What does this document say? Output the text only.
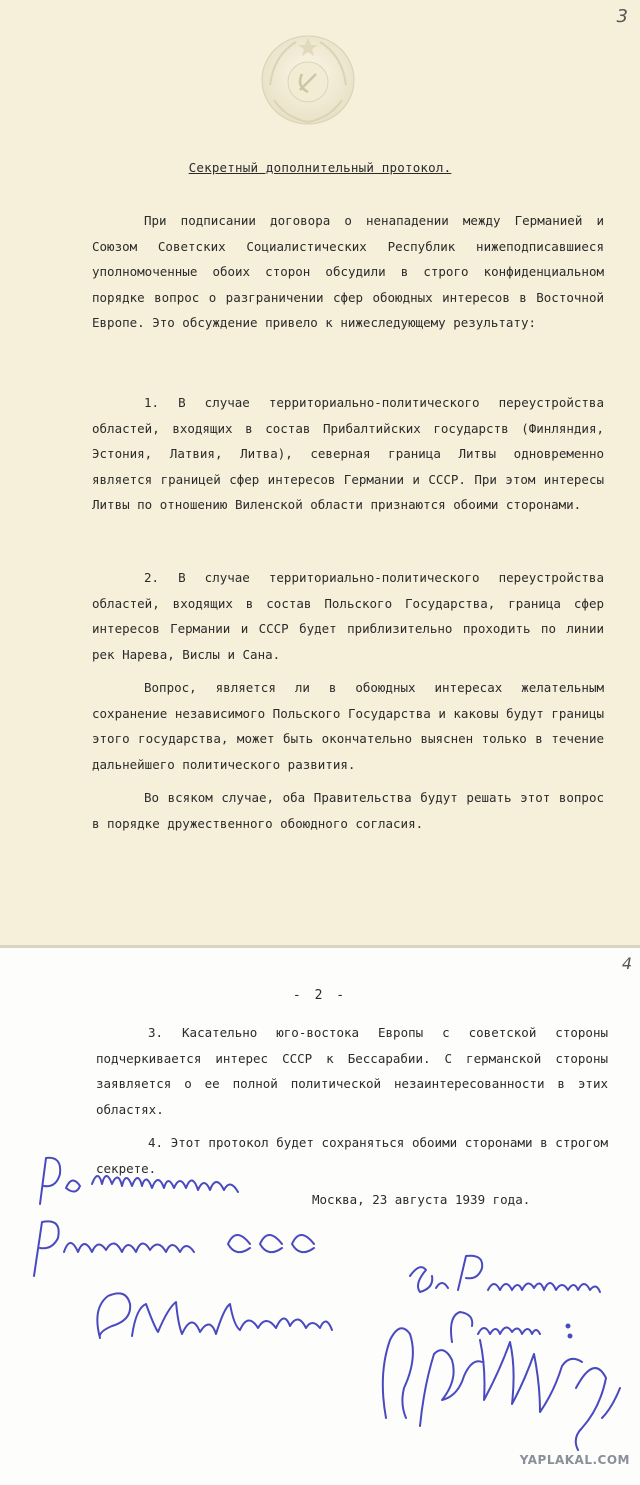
3
Секретный дополнительный протокол.

При подписании договора о ненападении между Германией и Союзом Советских Социалистических Республик нижеподписавшиеся уполномоченные обоих сторон обсудили в строго конфиденциальном порядке вопрос о разграничении сфер обоюдных интересов в Восточной Европе. Это обсуждение привело к нижеследующему результату:

1. В случае территориально-политического переустройства областей, входящих в состав Прибалтийских государств (Финляндия, Эстония, Латвия, Литва), северная граница Литвы одновременно является границей сфер интересов Германии и СССР. При этом интересы Литвы по отношению Виленской области признаются обоими сторонами.

2. В случае территориально-политического переустройства областей, входящих в состав Польского Государства, граница сфер интересов Германии и СССР будет приблизительно проходить по линии рек Нарева, Вислы и Сана.

Вопрос, является ли в обоюдных интересах желательным сохранение независимого Польского Государства и каковы будут границы этого государства, может быть окончательно выяснен только в течение дальнейшего политического развития.

Во всяком случае, оба Правительства будут решать этот вопрос в порядке дружественного обоюдного согласия.

4
- 2 -

3. Касательно юго-востока Европы с советской стороны подчеркивается интерес СССР к Бессарабии. С германской стороны заявляется о ее полной политической незаинтересованности в этих областях.

4. Этот протокол будет сохраняться обоими сторонами в строгом секрете.

Москва, 23 августа 1939 года.
YAPLAKAL.COM
